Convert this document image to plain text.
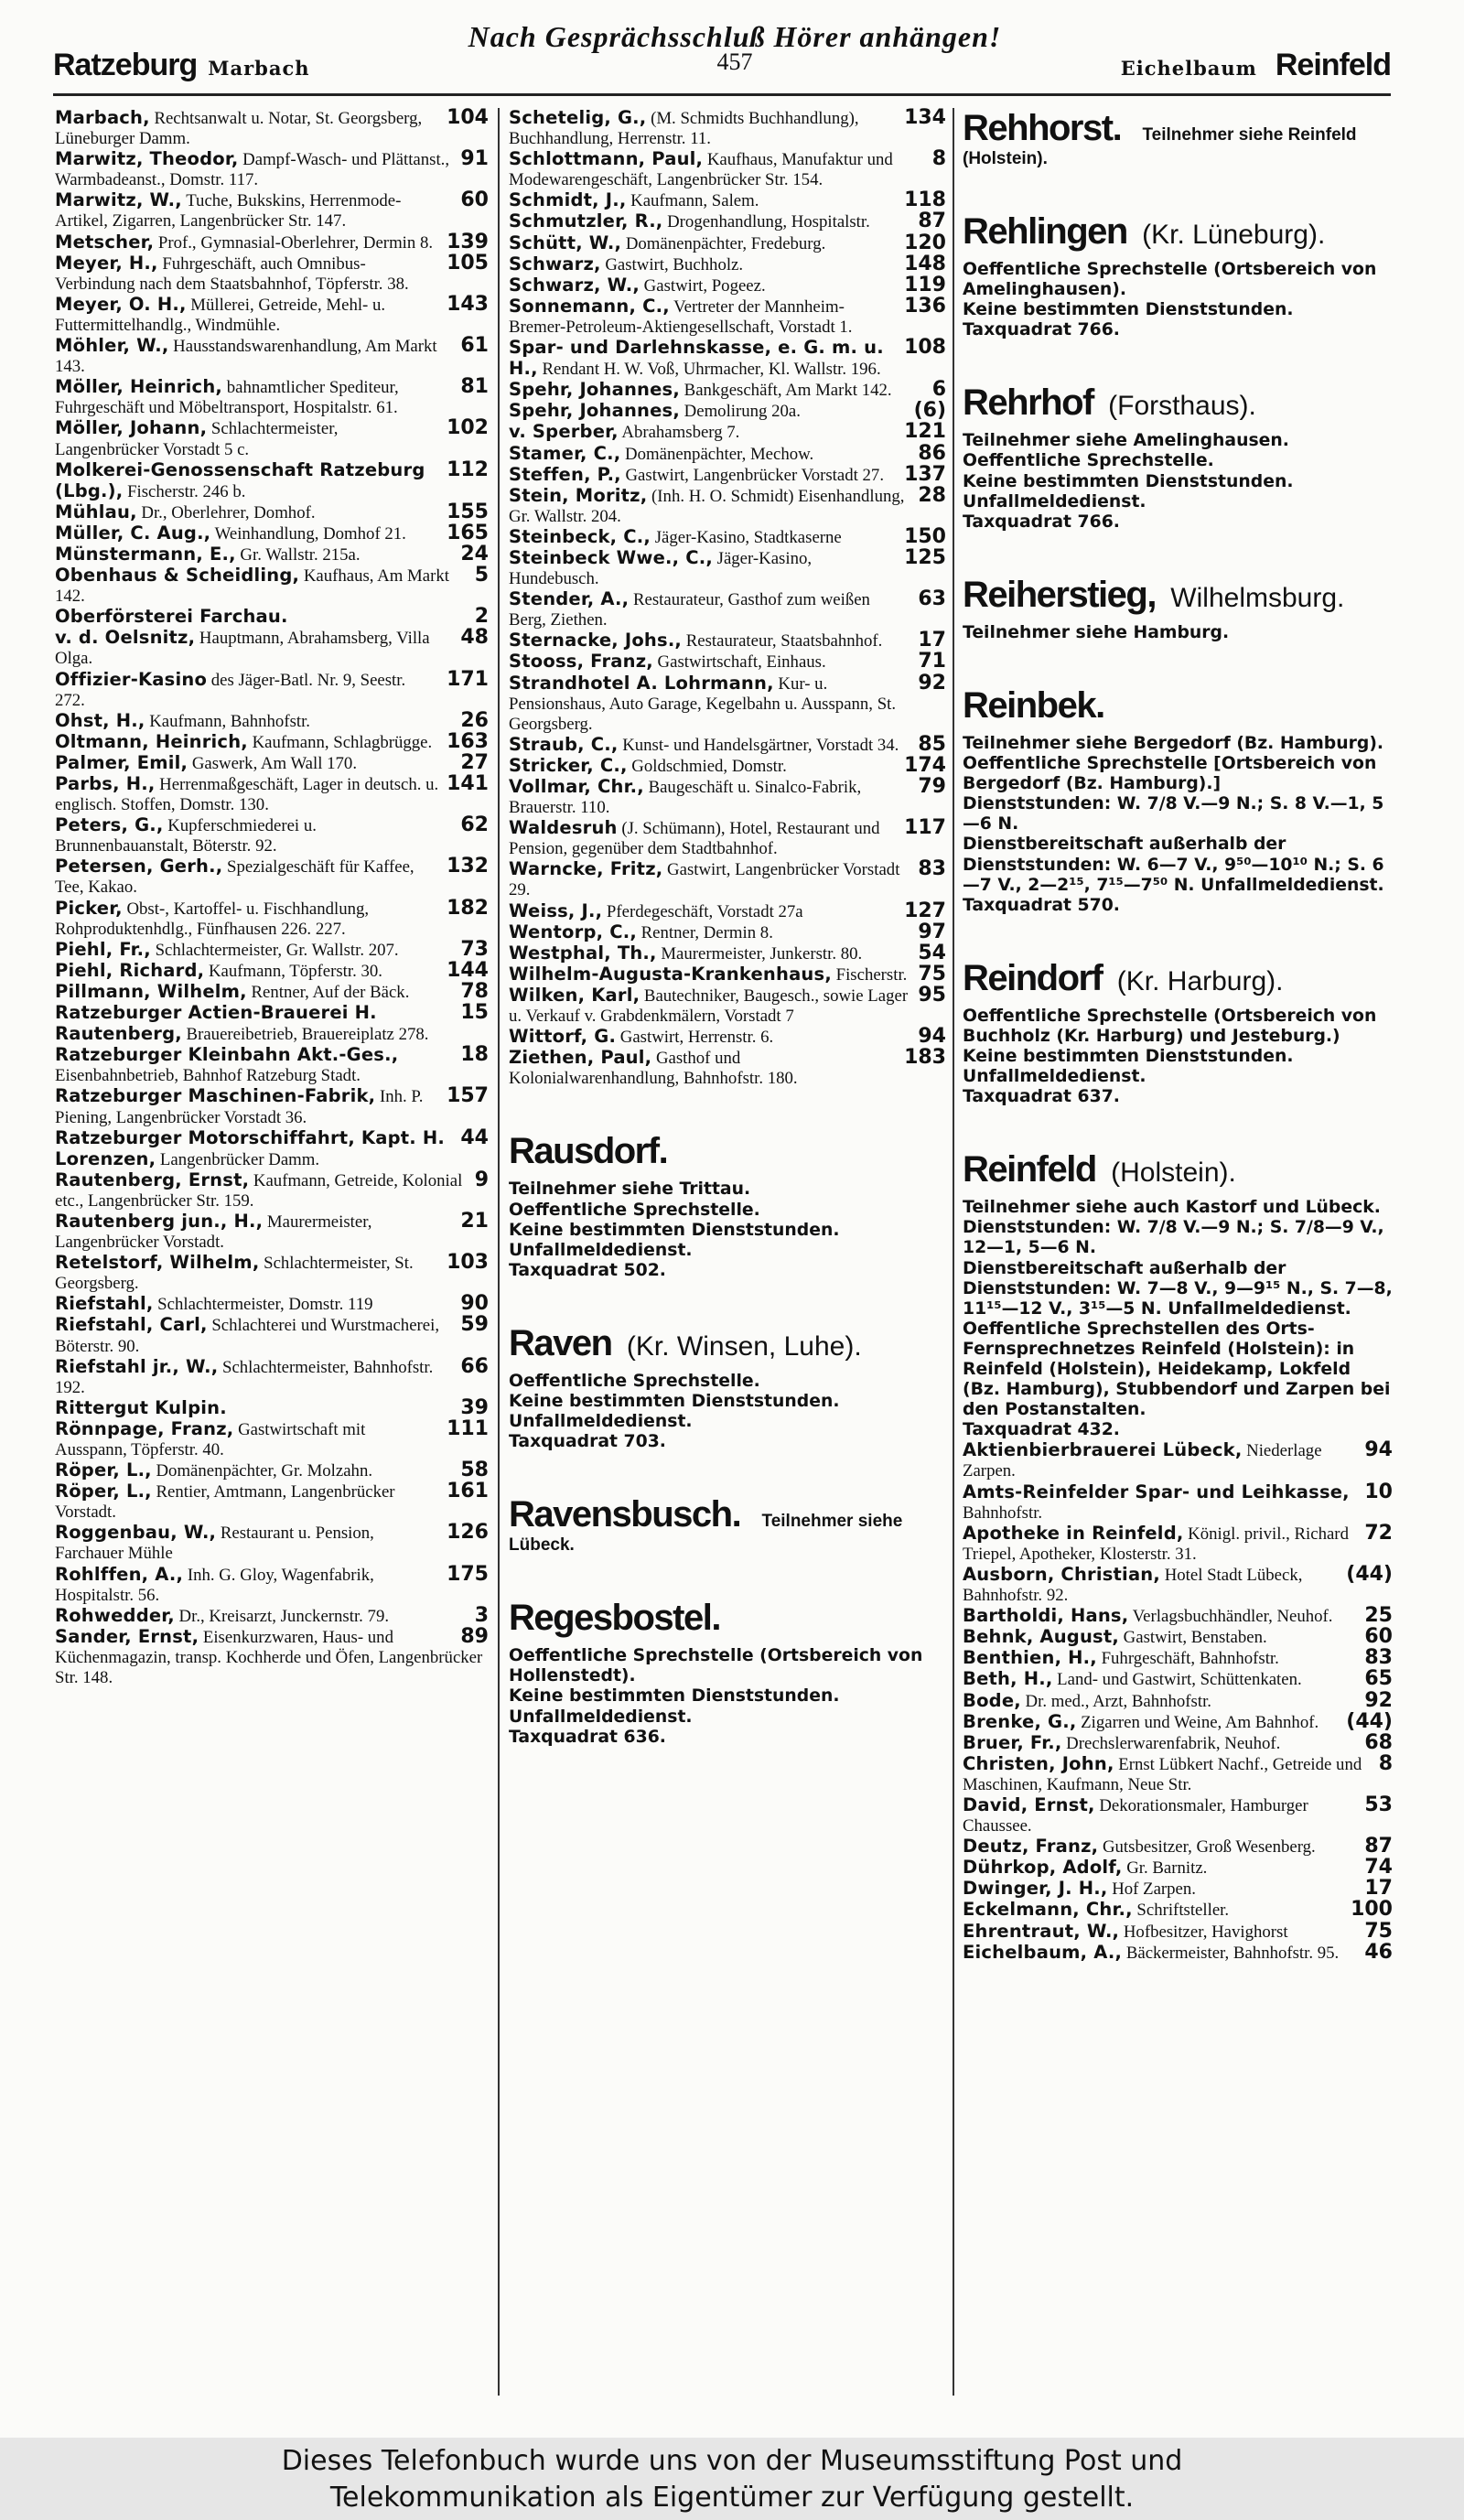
Ratzeburg Marbach
Nach Gesprächsschluß Hörer anhängen!
457	Eichelbaum Reinfeld
104
Marbach, Rechtsanwalt u. Notar, St. Georgsberg, Lüneburger Damm.
91
Marwitz, Theodor, Dampf-Wasch- und Plättanst., Warmbadeanst., Domstr. 117.
60
Marwitz, W., Tuche, Bukskins, Herrenmode-Artikel, Zigarren, Langenbrücker Str. 147.
139
Metscher, Prof., Gymnasial-Oberlehrer, Dermin 8.
105
Meyer, H., Fuhrgeschäft, auch Omnibus-Verbindung nach dem Staatsbahnhof, Töpferstr. 38.
143
Meyer, O. H., Müllerei, Getreide, Mehl- u. Futtermittelhandlg., Windmühle.
61
Möhler, W., Hausstandswarenhandlung, Am Markt 143.
81
Möller, Heinrich, bahnamtlicher Spediteur, Fuhrgeschäft und Möbeltransport, Hospitalstr. 61.
102
Möller, Johann, Schlachtermeister, Langenbrücker Vorstadt 5 c.
112
Molkerei-Genossenschaft Ratzeburg (Lbg.), Fischerstr. 246 b.
155
Mühlau, Dr., Oberlehrer, Domhof.
165
Müller, C. Aug., Weinhandlung, Domhof 21.
24
Münstermann, E., Gr. Wallstr. 215a.
5
Obenhaus & Scheidling, Kaufhaus, Am Markt 142.
2
Oberförsterei Farchau.
48
v. d. Oelsnitz, Hauptmann, Abrahamsberg, Villa Olga.
171
Offizier-Kasino des Jäger-Batl. Nr. 9, Seestr. 272.
26
Ohst, H., Kaufmann, Bahnhofstr.
163
Oltmann, Heinrich, Kaufmann, Schlagbrügge.
27
Palmer, Emil, Gaswerk, Am Wall 170.
141
Parbs, H., Herrenmaßgeschäft, Lager in deutsch. u. englisch. Stoffen, Domstr. 130.
62
Peters, G., Kupferschmiederei u. Brunnenbauanstalt, Böterstr. 92.
132
Petersen, Gerh., Spezialgeschäft für Kaffee, Tee, Kakao.
182
Picker, Obst-, Kartoffel- u. Fischhandlung, Rohproduktenhdlg., Fünfhausen 226. 227.
73
Piehl, Fr., Schlachtermeister, Gr. Wallstr. 207.
144
Piehl, Richard, Kaufmann, Töpferstr. 30.
78
Pillmann, Wilhelm, Rentner, Auf der Bäck.
15
Ratzeburger Actien-Brauerei H. Rautenberg, Brauereibetrieb, Brauereiplatz 278.
18
Ratzeburger Kleinbahn Akt.-Ges., Eisenbahnbetrieb, Bahnhof Ratzeburg Stadt.
157
Ratzeburger Maschinen-Fabrik, Inh. P. Piening, Langenbrücker Vorstadt 36.
44
Ratzeburger Motorschiffahrt, Kapt. H. Lorenzen, Langenbrücker Damm.
9
Rautenberg, Ernst, Kaufmann, Getreide, Kolonial etc., Langenbrücker Str. 159.
21
Rautenberg jun., H., Maurermeister, Langenbrücker Vorstadt.
103
Retelstorf, Wilhelm, Schlachtermeister, St. Georgsberg.
90
Riefstahl, Schlachtermeister, Domstr. 119
59
Riefstahl, Carl, Schlachterei und Wurstmacherei, Böterstr. 90.
66
Riefstahl jr., W., Schlachtermeister, Bahnhofstr. 192.
39
Rittergut Kulpin.
111
Rönnpage, Franz, Gastwirtschaft mit Ausspann, Töpferstr. 40.
58
Röper, L., Domänenpächter, Gr. Molzahn.
161
Röper, L., Rentier, Amtmann, Langenbrücker Vorstadt.
126
Roggenbau, W., Restaurant u. Pension, Farchauer Mühle
175
Rohlffen, A., Inh. G. Gloy, Wagenfabrik, Hospitalstr. 56.
3
Rohwedder, Dr., Kreisarzt, Junckernstr. 79.
89
Sander, Ernst, Eisenkurzwaren, Haus- und Küchenmagazin, transp. Kochherde und Öfen, Langenbrücker Str. 148.
134
Schetelig, G., (M. Schmidts Buchhandlung), Buchhandlung, Herrenstr. 11.
8
Schlottmann, Paul, Kaufhaus, Manufaktur und Modewarengeschäft, Langenbrücker Str. 154.
118
Schmidt, J., Kaufmann, Salem.
87
Schmutzler, R., Drogenhandlung, Hospitalstr.
120
Schütt, W., Domänenpächter, Fredeburg.
148
Schwarz, Gastwirt, Buchholz.
119
Schwarz, W., Gastwirt, Pogeez.
136
Sonnemann, C., Vertreter der Mannheim-Bremer-Petroleum-Aktiengesellschaft, Vorstadt 1.
108
Spar- und Darlehnskasse, e. G. m. u. H., Rendant H. W. Voß, Uhrmacher, Kl. Wallstr. 196.
6
Spehr, Johannes, Bankgeschäft, Am Markt 142.
(6)
Spehr, Johannes, Demolirung 20a.
121
v. Sperber, Abrahamsberg 7.
86
Stamer, C., Domänenpächter, Mechow.
137
Steffen, P., Gastwirt, Langenbrücker Vorstadt 27.
28
Stein, Moritz, (Inh. H. O. Schmidt) Eisenhandlung, Gr. Wallstr. 204.
150
Steinbeck, C., Jäger-Kasino, Stadtkaserne
125
Steinbeck Wwe., C., Jäger-Kasino, Hundebusch.
63
Stender, A., Restaurateur, Gasthof zum weißen Berg, Ziethen.
17
Sternacke, Johs., Restaurateur, Staatsbahnhof.
71
Stooss, Franz, Gastwirtschaft, Einhaus.
92
Strandhotel A. Lohrmann, Kur- u. Pensionshaus, Auto Garage, Kegelbahn u. Ausspann, St. Georgsberg.
85
Straub, C., Kunst- und Handelsgärtner, Vorstadt 34.
174
Stricker, C., Goldschmied, Domstr.
79
Vollmar, Chr., Baugeschäft u. Sinalco-Fabrik, Brauerstr. 110.
117
Waldesruh (J. Schümann), Hotel, Restaurant und Pension, gegenüber dem Stadtbahnhof.
83
Warncke, Fritz, Gastwirt, Langenbrücker Vorstadt 29.
127
Weiss, J., Pferdegeschäft, Vorstadt 27a
97
Wentorp, C., Rentner, Dermin 8.
54
Westphal, Th., Maurermeister, Junkerstr. 80.
75
Wilhelm-Augusta-Krankenhaus, Fischerstr.
95
Wilken, Karl, Bautechniker, Baugesch., sowie Lager u. Verkauf v. Grabdenkmälern, Vorstadt 7
94
Wittorf, G. Gastwirt, Herrenstr. 6.
183
Ziethen, Paul, Gasthof und Kolonialwarenhandlung, Bahnhofstr. 180.
Rausdorf.
Teilnehmer siehe Trittau.
Oeffentliche Sprechstelle.
Keine bestimmten Dienststunden. Unfallmeldedienst.
Taxquadrat 502.
Raven (Kr. Winsen, Luhe).
Oeffentliche Sprechstelle.
Keine bestimmten Dienststunden. Unfallmeldedienst.
Taxquadrat 703.
Ravensbusch. Teilnehmer siehe Lübeck.
Regesbostel.
Oeffentliche Sprechstelle (Ortsbereich von Hollenstedt).
Keine bestimmten Dienststunden. Unfallmeldedienst.
Taxquadrat 636.
Rehhorst. Teilnehmer siehe Reinfeld (Holstein).
Rehlingen (Kr. Lüneburg).
Oeffentliche Sprechstelle (Ortsbereich von Amelinghausen).
Keine bestimmten Dienststunden.
Taxquadrat 766.
Rehrhof (Forsthaus).
Teilnehmer siehe Amelinghausen.
Oeffentliche Sprechstelle.
Keine bestimmten Dienststunden. Unfallmeldedienst.
Taxquadrat 766.
Reiherstieg, Wilhelmsburg.
Teilnehmer siehe Hamburg.
Reinbek.
Teilnehmer siehe Bergedorf (Bz. Hamburg).
Oeffentliche Sprechstelle [Ortsbereich von Bergedorf (Bz. Hamburg).]
Dienststunden: W. 7/8 V.—9 N.; S. 8 V.—1, 5—6 N.
Dienstbereitschaft außerhalb der Dienststunden: W. 6—7 V., 9⁵⁰—10¹⁰ N.; S. 6—7 V., 2—2¹⁵, 7¹⁵—7⁵⁰ N. Unfallmeldedienst.
Taxquadrat 570.
Reindorf (Kr. Harburg).
Oeffentliche Sprechstelle (Ortsbereich von Buchholz (Kr. Harburg) und Jesteburg.)
Keine bestimmten Dienststunden. Unfallmeldedienst.
Taxquadrat 637.
Reinfeld (Holstein).
Teilnehmer siehe auch Kastorf und Lübeck.
Dienststunden: W. 7/8 V.—9 N.; S. 7/8—9 V., 12—1, 5—6 N.
Dienstbereitschaft außerhalb der Dienststunden: W. 7—8 V., 9—9¹⁵ N., S. 7—8, 11¹⁵—12 V., 3¹⁵—5 N. Unfallmeldedienst.
Oeffentliche Sprechstellen des Orts-Fernsprechnetzes Reinfeld (Holstein): in Reinfeld (Holstein), Heidekamp, Lokfeld (Bz. Hamburg), Stubbendorf und Zarpen bei den Postanstalten.
Taxquadrat 432.
94
Aktienbierbrauerei Lübeck, Niederlage Zarpen.
10
Amts-Reinfelder Spar- und Leihkasse, Bahnhofstr.
72
Apotheke in Reinfeld, Königl. privil., Richard Triepel, Apotheker, Klosterstr. 31.
(44)
Ausborn, Christian, Hotel Stadt Lübeck, Bahnhofstr. 92.
25
Bartholdi, Hans, Verlagsbuchhändler, Neuhof.
60
Behnk, August, Gastwirt, Benstaben.
83
Benthien, H., Fuhrgeschäft, Bahnhofstr.
65
Beth, H., Land- und Gastwirt, Schüttenkaten.
92
Bode, Dr. med., Arzt, Bahnhofstr.
(44)
Brenke, G., Zigarren und Weine, Am Bahnhof.
68
Bruer, Fr., Drechslerwarenfabrik, Neuhof.
8
Christen, John, Ernst Lübkert Nachf., Getreide und Maschinen, Kaufmann, Neue Str.
53
David, Ernst, Dekorationsmaler, Hamburger Chaussee.
87
Deutz, Franz, Gutsbesitzer, Groß Wesenberg.
74
Dührkop, Adolf, Gr. Barnitz.
17
Dwinger, J. H., Hof Zarpen.
100
Eckelmann, Chr., Schriftsteller.
75
Ehrentraut, W., Hofbesitzer, Havighorst
46
Eichelbaum, A., Bäckermeister, Bahnhofstr. 95.
Dieses Telefonbuch wurde uns von der Museumsstiftung Post und
Telekommunikation als Eigentümer zur Verfügung gestellt.
